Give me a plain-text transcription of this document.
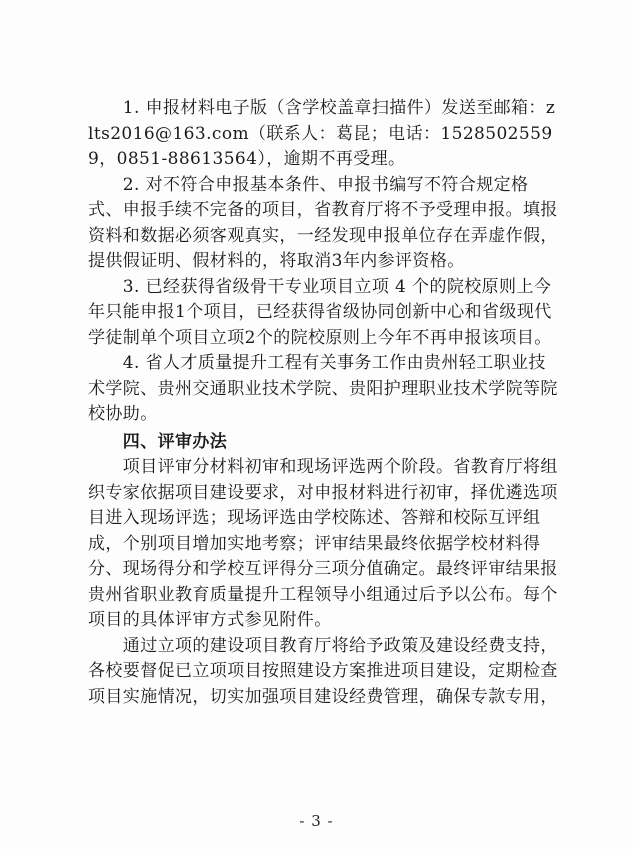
　　1. 申报材料电子版（含学校盖章扫描件）发送至邮箱：zlts2016@163.com（联系人：葛昆；电话：15285025599，0851-88613564），逾期不再受理。

　　2. 对不符合申报基本条件、申报书编写不符合规定格式、申报手续不完备的项目，省教育厅将不予受理申报。填报资料和数据必须客观真实，一经发现申报单位存在弄虚作假，提供假证明、假材料的，将取消3年内参评资格。

　　3. 已经获得省级骨干专业项目立项 4 个的院校原则上今年只能申报1个项目，已经获得省级协同创新中心和省级现代学徒制单个项目立项2个的院校原则上今年不再申报该项目。

　　4. 省人才质量提升工程有关事务工作由贵州轻工职业技术学院、贵州交通职业技术学院、贵阳护理职业技术学院等院校协助。

　　四、评审办法

　　项目评审分材料初审和现场评选两个阶段。省教育厅将组织专家依据项目建设要求，对申报材料进行初审，择优遴选项目进入现场评选；现场评选由学校陈述、答辩和校际互评组成，个别项目增加实地考察；评审结果最终依据学校材料得分、现场得分和学校互评得分三项分值确定。最终评审结果报贵州省职业教育质量提升工程领导小组通过后予以公布。每个项目的具体评审方式参见附件。

　　通过立项的建设项目教育厅将给予政策及建设经费支持，各校要督促已立项项目按照建设方案推进项目建设，定期检查项目实施情况，切实加强项目建设经费管理，确保专款专用，

- 3 -
